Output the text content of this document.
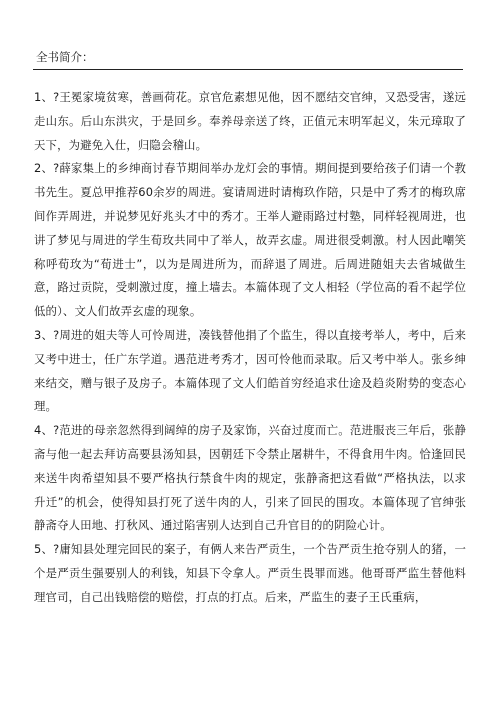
全书简介：

1、?王冕家境贫寒，善画荷花。京官危素想见他，因不愿结交官绅，又恐受害，遂远走山东。后山东洪灾，于是回乡。奉养母亲送了终，正值元末明军起义，朱元璋取了天下，为避免入仕，归隐会稽山。

2、?薛家集上的乡绅商讨春节期间举办龙灯会的事情。期间提到要给孩子们请一个教书先生。夏总甲推荐60余岁的周进。宴请周进时请梅玖作陪，只是中了秀才的梅玖席间作弄周进，并说梦见好兆头才中的秀才。王举人避雨路过村塾，同样轻视周进，也讲了梦见与周进的学生荀玫共同中了举人，故弄玄虚。周进很受刺激。村人因此嘲笑称呼荀玫为“荀进士”，以为是周进所为，而辞退了周进。后周进随姐夫去省城做生意，路过贡院，受刺激过度，撞上墙去。本篇体现了文人相轻（学位高的看不起学位低的）、文人们故弄玄虚的现象。

3、?周进的姐夫等人可怜周进，凑钱替他捐了个监生，得以直接考举人，考中，后来又考中进士，任广东学道。遇范进考秀才，因可怜他而录取。后又考中举人。张乡绅来结交，赠与银子及房子。本篇体现了文人们皓首穷经追求仕途及趋炎附势的变态心理。

4、?范进的母亲忽然得到阔绰的房子及家饰，兴奋过度而亡。范进服丧三年后，张静斋与他一起去拜访高要县汤知县，因朝廷下令禁止屠耕牛，不得食用牛肉。恰逢回民来送牛肉希望知县不要严格执行禁食牛肉的规定，张静斋把这看做“严格执法，以求升迁”的机会，使得知县打死了送牛肉的人，引来了回民的围攻。本篇体现了官绅张静斋夺人田地、打秋风、通过陷害别人达到自己升官目的的阴险心计。

5、?庸知县处理完回民的案子，有俩人来告严贡生，一个告严贡生抢夺别人的猪，一个是严贡生强要别人的利钱，知县下令拿人。严贡生畏罪而逃。他哥哥严监生替他料理官司，自己出钱赔偿的赔偿，打点的打点。后来，严监生的妻子王氏重病，
